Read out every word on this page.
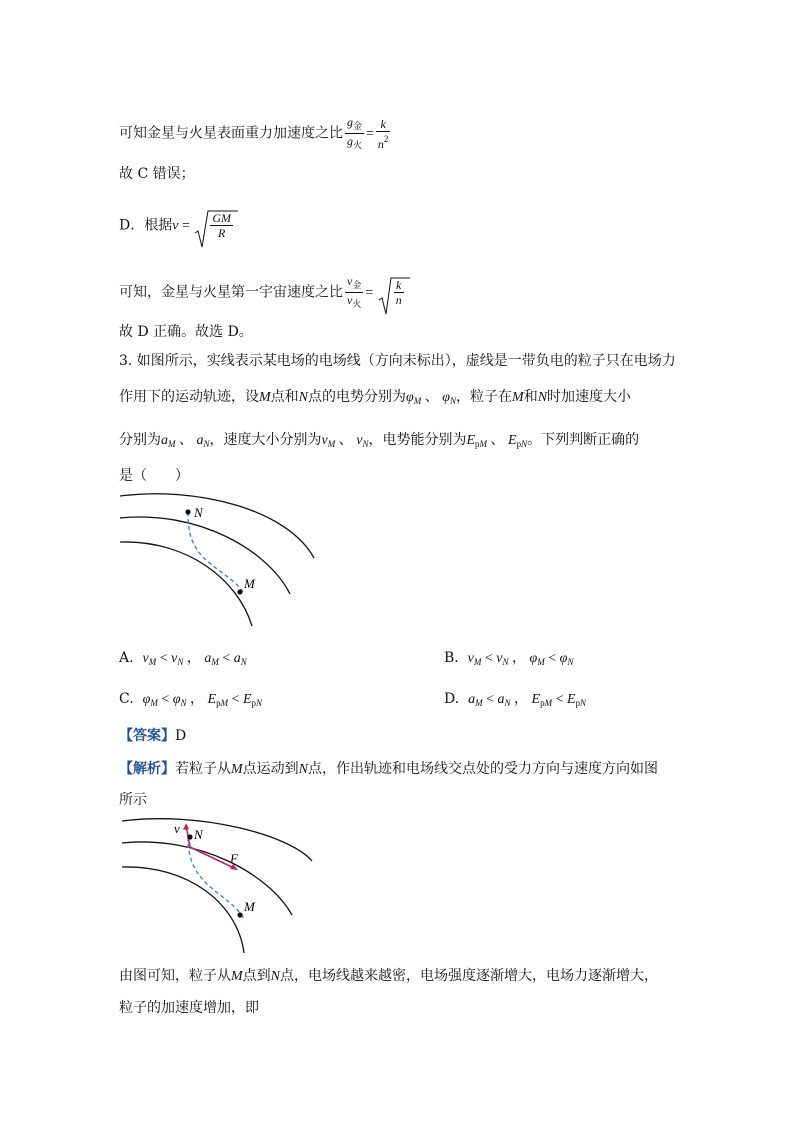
可知金星与火星表面重力加速度之比 $\frac{g_金}{g_火} = \frac{k}{n^2}$
故 C 错误；
D．根据$v = \frac{GM}{R}$
可知，金星与火星第一宇宙速度之比 $\frac{v_金}{v_火} = \frac{k}{n}$
故 D 正确。故选 D。
3. 如图所示，实线表示某电场的电场线（方向未标出），虚线是一带负电的粒子只在电场力
作用下的运动轨迹，设M点和N点的电势分别为$\varphi_M$ 、 $\varphi_N$，粒子在M和N时加速度大小
分别为$a_M$ 、 $a_N$，速度大小分别为$v_M$ 、 $v_N$，电势能分别为$E_{pM}$ 、 $E_{pN}$。下列判断正确的
是（　　）
N
M
A. $v_M < v_N$ ， $a_M < a_N$	B. $v_M < v_N$ ， $\varphi_M < \varphi_N$
C. $\varphi_M < \varphi_N$ ， $E_{pM} < E_{pN}$	D. $a_M < a_N$ ， $E_{pM} < E_{pN}$
【答案】D
【解析】若粒子从M点运动到N点，作出轨迹和电场线交点处的受力方向与速度方向如图
所示
v N
F
M
由图可知，粒子从M点到N点，电场线越来越密，电场强度逐渐增大，电场力逐渐增大，
粒子的加速度增加，即
